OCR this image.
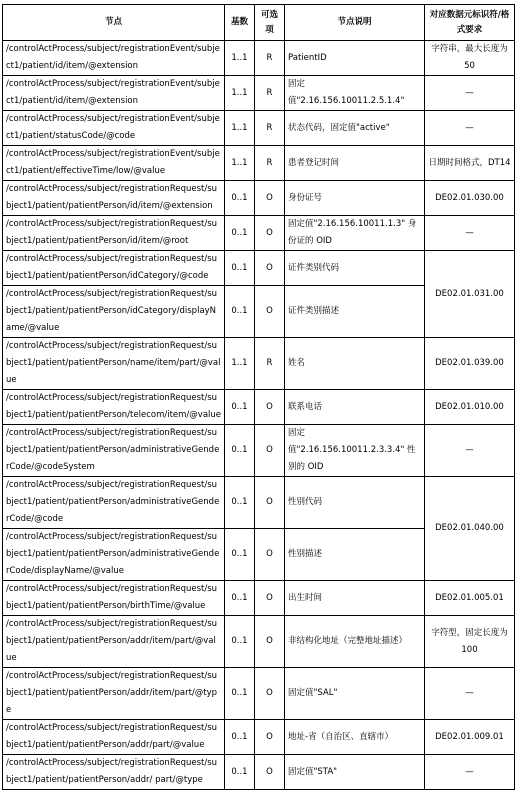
节点	基数	可选项	节点说明	对应数据元标识符/格式要求
/controlActProcess/subject/registrationEvent/subject1/patient/id/item/@extension	1..1	R	PatientID	字符串，最大长度为 50
/controlActProcess/subject/registrationEvent/subject1/patient/id/item/@extension	1..1	R	固定值"2.16.156.10011.2.5.1.4"	—
/controlActProcess/subject/registrationEvent/subject1/patient/statusCode/@code	1..1	R	状态代码，固定值"active"	—
/controlActProcess/subject/registrationEvent/subject1/patient/effectiveTime/low/@value	1..1	R	患者登记时间	日期时间格式，DT14
/controlActProcess/subject/registrationRequest/subject1/patient/patientPerson/id/item/@extension	0..1	O	身份证号	DE02.01.030.00
/controlActProcess/subject/registrationRequest/subject1/patient/patientPerson/id/item/@root	0..1	O	固定值"2.16.156.10011.1.3" 身份证的 OID	—
/controlActProcess/subject/registrationRequest/subject1/patient/patientPerson/idCategory/@code	0..1	O	证件类别代码	DE02.01.031.00
/controlActProcess/subject/registrationRequest/subject1/patient/patientPerson/idCategory/displayName/@value	0..1	O	证件类别描述	
/controlActProcess/subject/registrationRequest/subject1/patient/patientPerson/name/item/part/@value	1..1	R	姓名	DE02.01.039.00
/controlActProcess/subject/registrationRequest/subject1/patient/patientPerson/telecom/item/@value	0..1	O	联系电话	DE02.01.010.00
/controlActProcess/subject/registrationRequest/subject1/patient/patientPerson/administrativeGenderCode/@codeSystem	0..1	O	固定值"2.16.156.10011.2.3.3.4" 性别的 OID	—
/controlActProcess/subject/registrationRequest/subject1/patient/patientPerson/administrativeGenderCode/@code	0..1	O	性别代码	DE02.01.040.00
/controlActProcess/subject/registrationRequest/subject1/patient/patientPerson/administrativeGenderCode/displayName/@value	0..1	O	性别描述	
/controlActProcess/subject/registrationRequest/subject1/patient/patientPerson/birthTime/@value	0..1	O	出生时间	DE02.01.005.01
/controlActProcess/subject/registrationRequest/subject1/patient/patientPerson/addr/item/part/@value	0..1	O	非结构化地址（完整地址描述）	字符型，固定长度为 100
/controlActProcess/subject/registrationRequest/subject1/patient/patientPerson/addr/item/part/@type	0..1	O	固定值"SAL"	—
/controlActProcess/subject/registrationRequest/subject1/patient/patientPerson/addr/part/@value	0..1	O	地址-省（自治区、直辖市）	DE02.01.009.01
/controlActProcess/subject/registrationRequest/subject1/patient/patientPerson/addr/ part/@type	0..1	O	固定值"STA"	—
